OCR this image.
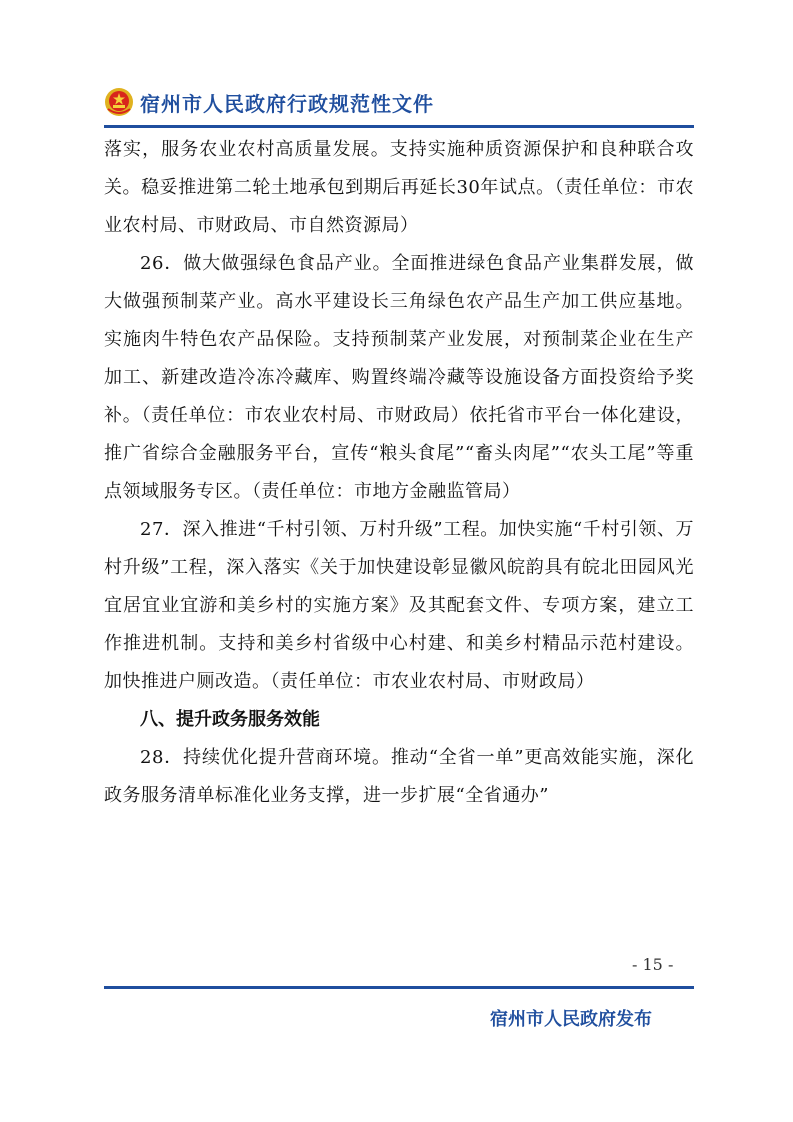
宿州市人民政府行政规范性文件

落实，服务农业农村高质量发展。支持实施种质资源保护和良种联合攻关。稳妥推进第二轮土地承包到期后再延长30年试点。（责任单位：市农业农村局、市财政局、市自然资源局）

26．做大做强绿色食品产业。全面推进绿色食品产业集群发展，做大做强预制菜产业。高水平建设长三角绿色农产品生产加工供应基地。实施肉牛特色农产品保险。支持预制菜产业发展，对预制菜企业在生产加工、新建改造冷冻冷藏库、购置终端冷藏等设施设备方面投资给予奖补。（责任单位：市农业农村局、市财政局）依托省市平台一体化建设，推广省综合金融服务平台，宣传“粮头食尾”“畜头肉尾”“农头工尾”等重点领域服务专区。（责任单位：市地方金融监管局）

27．深入推进“千村引领、万村升级”工程。加快实施“千村引领、万村升级”工程，深入落实《关于加快建设彰显徽风皖韵具有皖北田园风光宜居宜业宜游和美乡村的实施方案》及其配套文件、专项方案，建立工作推进机制。支持和美乡村省级中心村建、和美乡村精品示范村建设。加快推进户厕改造。（责任单位：市农业农村局、市财政局）

八、提升政务服务效能

28．持续优化提升营商环境。推动“全省一单”更高效能实施，深化政务服务清单标准化业务支撑，进一步扩展“全省通办”

- 15 -
宿州市人民政府发布
